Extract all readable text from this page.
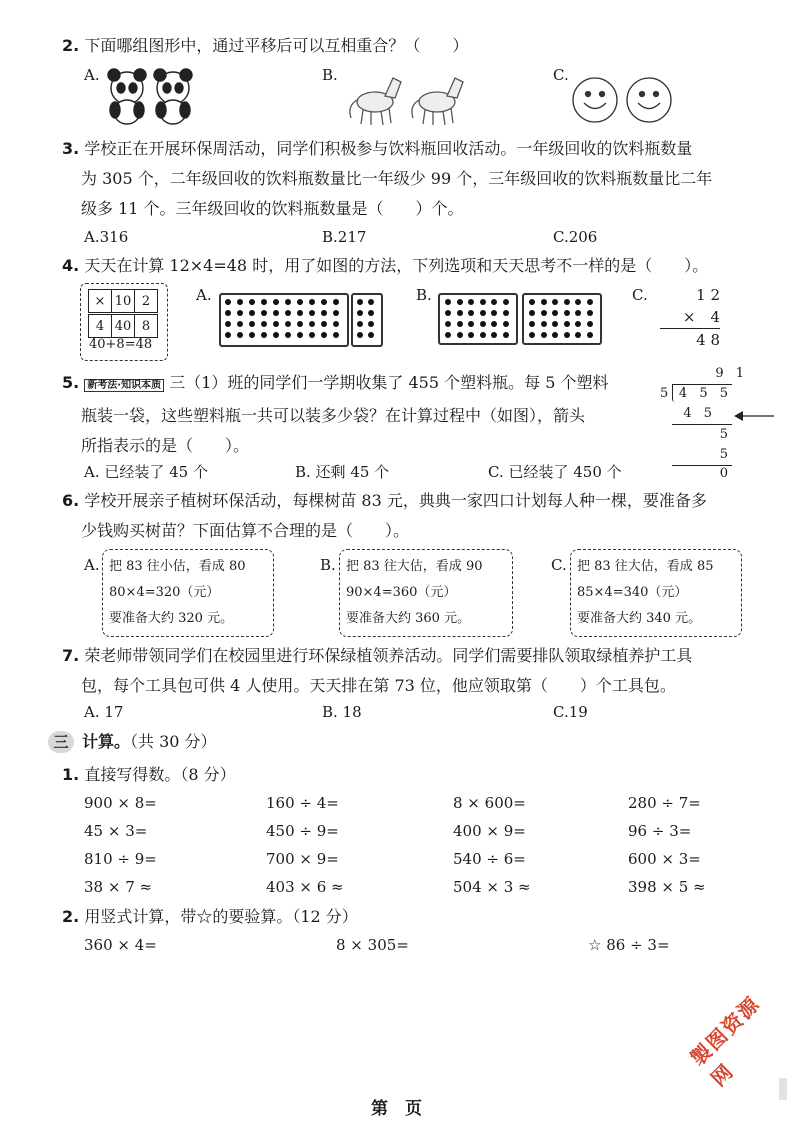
2. 下面哪组图形中，通过平移后可以互相重合？（　　）
A.	B.	C.
3. 学校正在开展环保周活动，同学们积极参与饮料瓶回收活动。一年级回收的饮料瓶数量
为 305 个，二年级回收的饮料瓶数量比一年级少 99 个，三年级回收的饮料瓶数量比二年
级多 11 个。三年级回收的饮料瓶数量是（　　）个。
A.316	B.217	C.206
4. 天天在计算 12×4=48 时，用了如图的方法，下列选项和天天思考不一样的是（　　）。
× 10 2
4 40 8
40+8=48
A.	B.	C.	1 2
×　4
4 8
5. 新考法·知识本质 三（1）班的同学们一学期收集了 455 个塑料瓶。每 5 个塑料
瓶装一袋，这些塑料瓶一共可以装多少袋？在计算过程中（如图），箭头
所指表示的是（　　）。
A. 已经装了 45 个	B. 还剩 45 个	C. 已经装了 450 个
9 1
5 4 5 5
4 5
5
5
0
6. 学校开展亲子植树环保活动，每棵树苗 83 元，典典一家四口计划每人种一棵，要准备多
少钱购买树苗？下面估算不合理的是（　　）。
A. 把 83 往小估，看成 80
80×4=320（元）
要准备大约 320 元。
B. 把 83 往大估，看成 90
90×4=360（元）
要准备大约 360 元。
C. 把 83 往大估，看成 85
85×4=340（元）
要准备大约 340 元。
7. 荣老师带领同学们在校园里进行环保绿植领养活动。同学们需要排队领取绿植养护工具
包，每个工具包可供 4 人使用。天天排在第 73 位，他应领取第（　　）个工具包。
A. 17	B. 18	C.19
三 计算。（共 30 分）
1. 直接写得数。（8 分）
900 × 8=	160 ÷ 4=	8 × 600=	280 ÷ 7=
45 × 3=	450 ÷ 9=	400 × 9=	96 ÷ 3=
810 ÷ 9=	700 × 9=	540 ÷ 6=	600 × 3=
38 × 7 ≈	403 × 6 ≈	504 × 3 ≈	398 × 5 ≈
2. 用竖式计算，带☆的要验算。（12 分）
360 × 4=	8 × 305=	☆ 86 ÷ 3=
製图资源网
第　页
